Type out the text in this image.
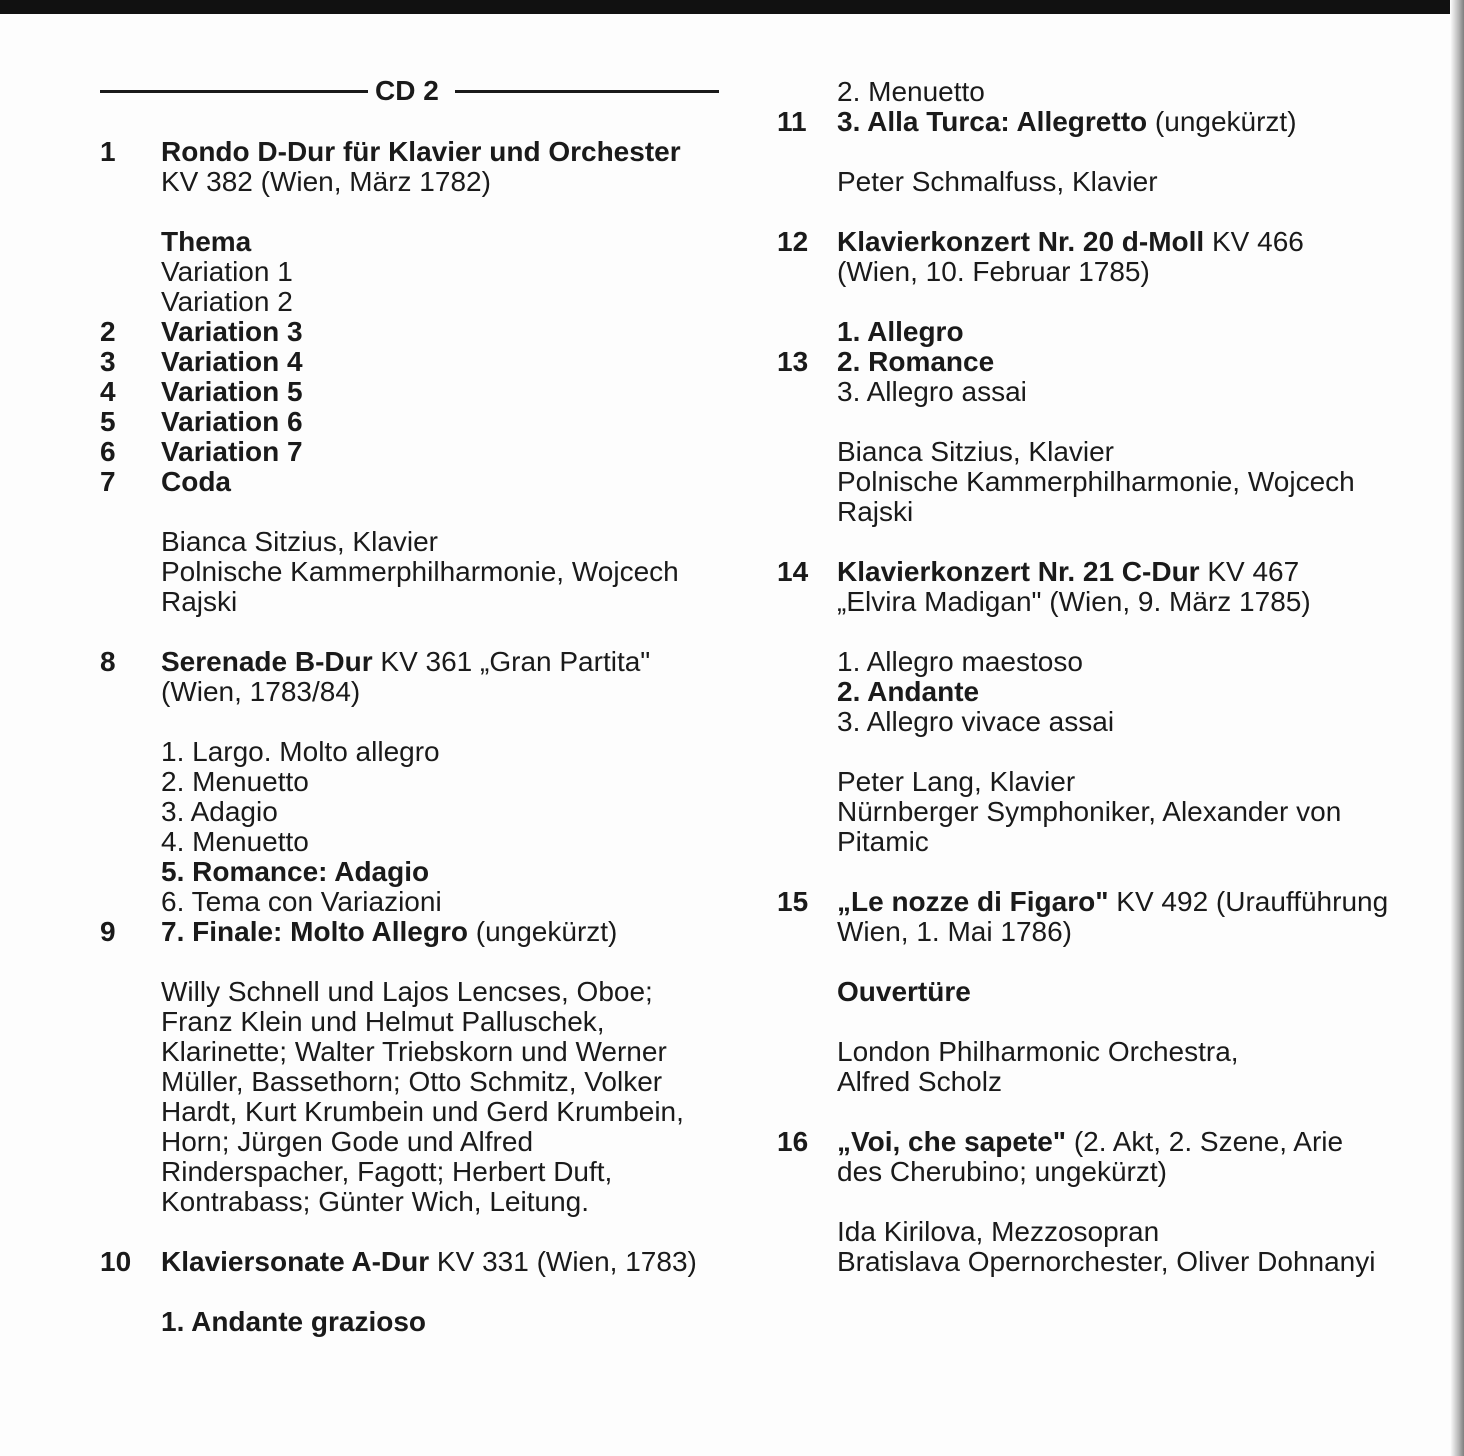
CD 2
1 Rondo D-Dur für Klavier und Orchester
KV 382 (Wien, März 1782)
Thema
Variation 1
Variation 2
2 Variation 3
3 Variation 4
4 Variation 5
5 Variation 6
6 Variation 7
7 Coda
Bianca Sitzius, Klavier
Polnische Kammerphilharmonie, Wojcech
Rajski
8 Serenade B-Dur KV 361 „Gran Partita"
(Wien, 1783/84)
1. Largo. Molto allegro
2. Menuetto
3. Adagio
4. Menuetto
5. Romance: Adagio
6. Tema con Variazioni
9 7. Finale: Molto Allegro (ungekürzt)
Willy Schnell und Lajos Lencses, Oboe;
Franz Klein und Helmut Palluschek,
Klarinette; Walter Triebskorn und Werner
Müller, Bassethorn; Otto Schmitz, Volker
Hardt, Kurt Krumbein und Gerd Krumbein,
Horn; Jürgen Gode und Alfred
Rinderspacher, Fagott; Herbert Duft,
Kontrabass; Günter Wich, Leitung.
10 Klaviersonate A-Dur KV 331 (Wien, 1783)
1. Andante grazioso
2. Menuetto
11 3. Alla Turca: Allegretto (ungekürzt)
Peter Schmalfuss, Klavier
12 Klavierkonzert Nr. 20 d-Moll KV 466
(Wien, 10. Februar 1785)
1. Allegro
13 2. Romance
3. Allegro assai
Bianca Sitzius, Klavier
Polnische Kammerphilharmonie, Wojcech
Rajski
14 Klavierkonzert Nr. 21 C-Dur KV 467
„Elvira Madigan" (Wien, 9. März 1785)
1. Allegro maestoso
2. Andante
3. Allegro vivace assai
Peter Lang, Klavier
Nürnberger Symphoniker, Alexander von
Pitamic
15 „Le nozze di Figaro" KV 492 (Uraufführung
Wien, 1. Mai 1786)
Ouvertüre
London Philharmonic Orchestra,
Alfred Scholz
16 „Voi, che sapete" (2. Akt, 2. Szene, Arie
des Cherubino; ungekürzt)
Ida Kirilova, Mezzosopran
Bratislava Opernorchester, Oliver Dohnanyi
